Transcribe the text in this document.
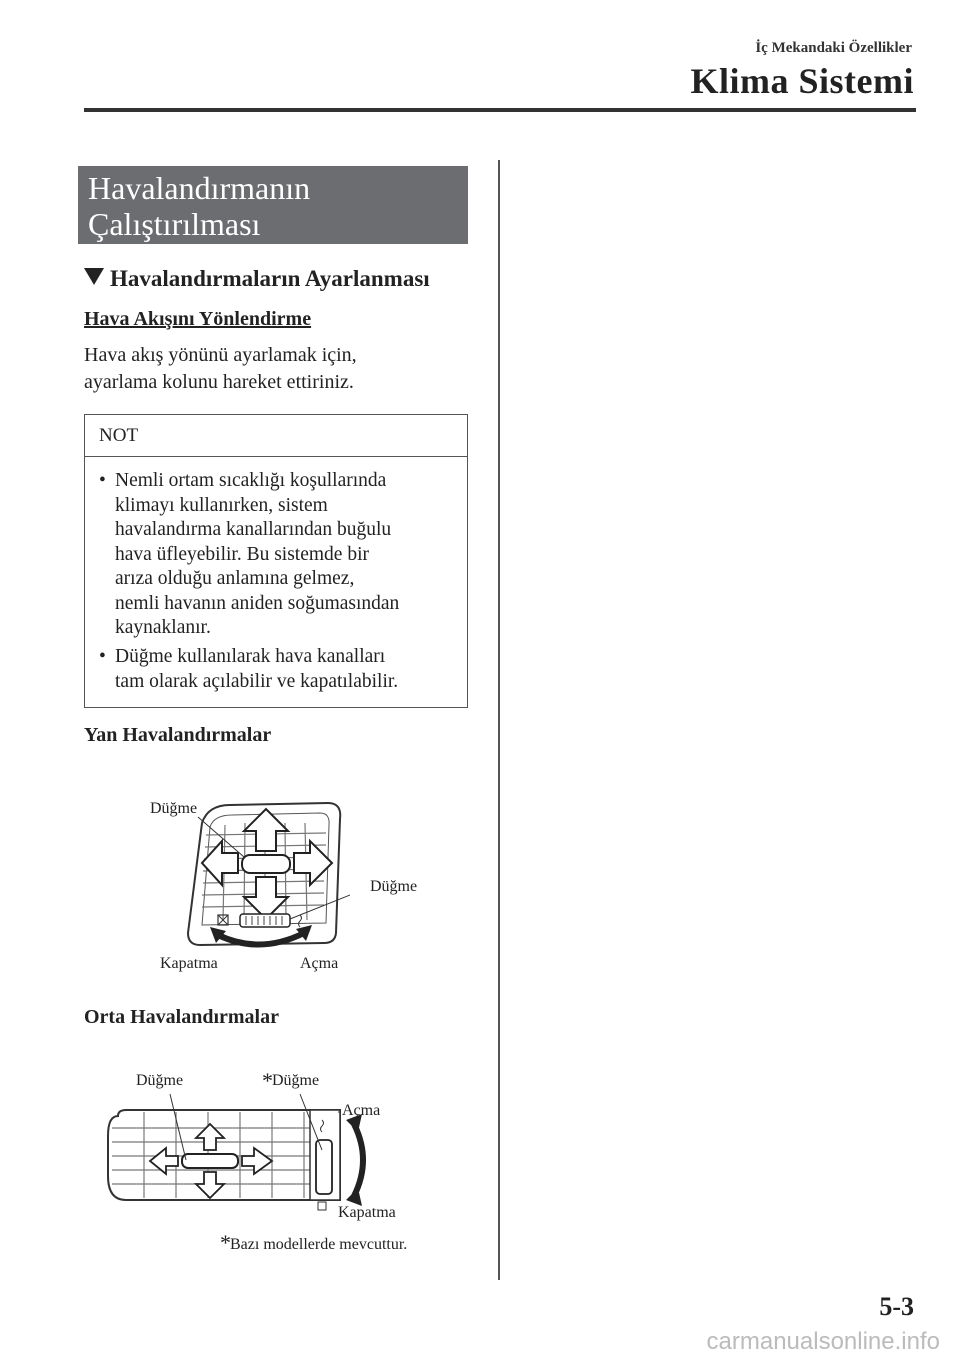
İç Mekandaki Özellikler
Klima Sistemi
Havalandırmanın
Çalıştırılması
Havalandırmaların Ayarlanması
Hava Akışını Yönlendirme
Hava akış yönünü ayarlamak için,
ayarlama kolunu hareket ettiriniz.
NOT
• Nemli ortam sıcaklığı koşullarında
klimayı kullanırken, sistem
havalandırma kanallarından buğulu
hava üfleyebilir. Bu sistemde bir
arıza olduğu anlamına gelmez,
nemli havanın aniden soğumasından
kaynaklanır.
• Düğme kullanılarak hava kanalları
tam olarak açılabilir ve kapatılabilir.
Yan Havalandırmalar
Düğme
Düğme
Kapatma	Açma
Orta Havalandırmalar
Düğme	* Düğme
Açma
Kapatma
* Bazı modellerde mevcuttur.
5-3
carmanualsonline.info
